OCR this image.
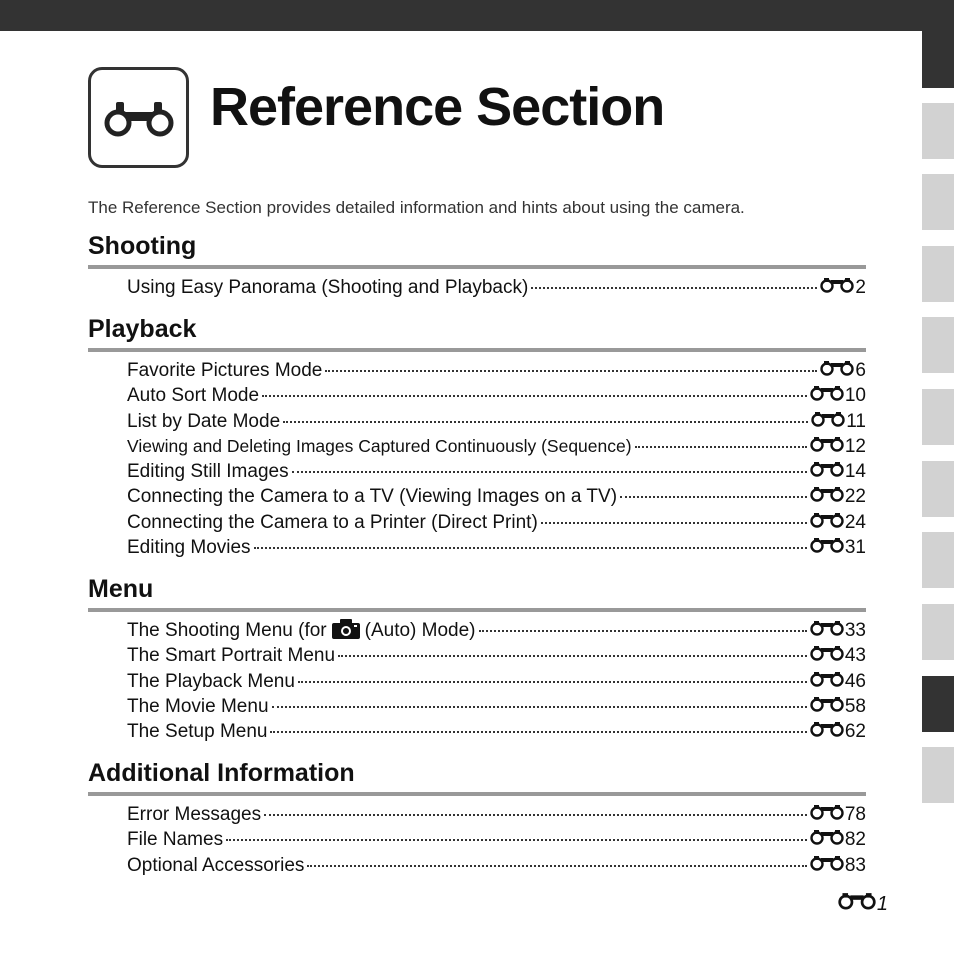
Reference Section
The Reference Section provides detailed information and hints about using the camera.
Shooting
Using Easy Panorama (Shooting and Playback)	2
Playback
Favorite Pictures Mode	6
Auto Sort Mode	10
List by Date Mode	11
Viewing and Deleting Images Captured Continuously (Sequence)	12
Editing Still Images	14
Connecting the Camera to a TV (Viewing Images on a TV)	22
Connecting the Camera to a Printer (Direct Print)	24
Editing Movies	31
Menu
The Shooting Menu (for (Auto) Mode)	33
The Smart Portrait Menu	43
The Playback Menu	46
The Movie Menu	58
The Setup Menu	62
Additional Information
Error Messages	78
File Names	82
Optional Accessories	83
1
